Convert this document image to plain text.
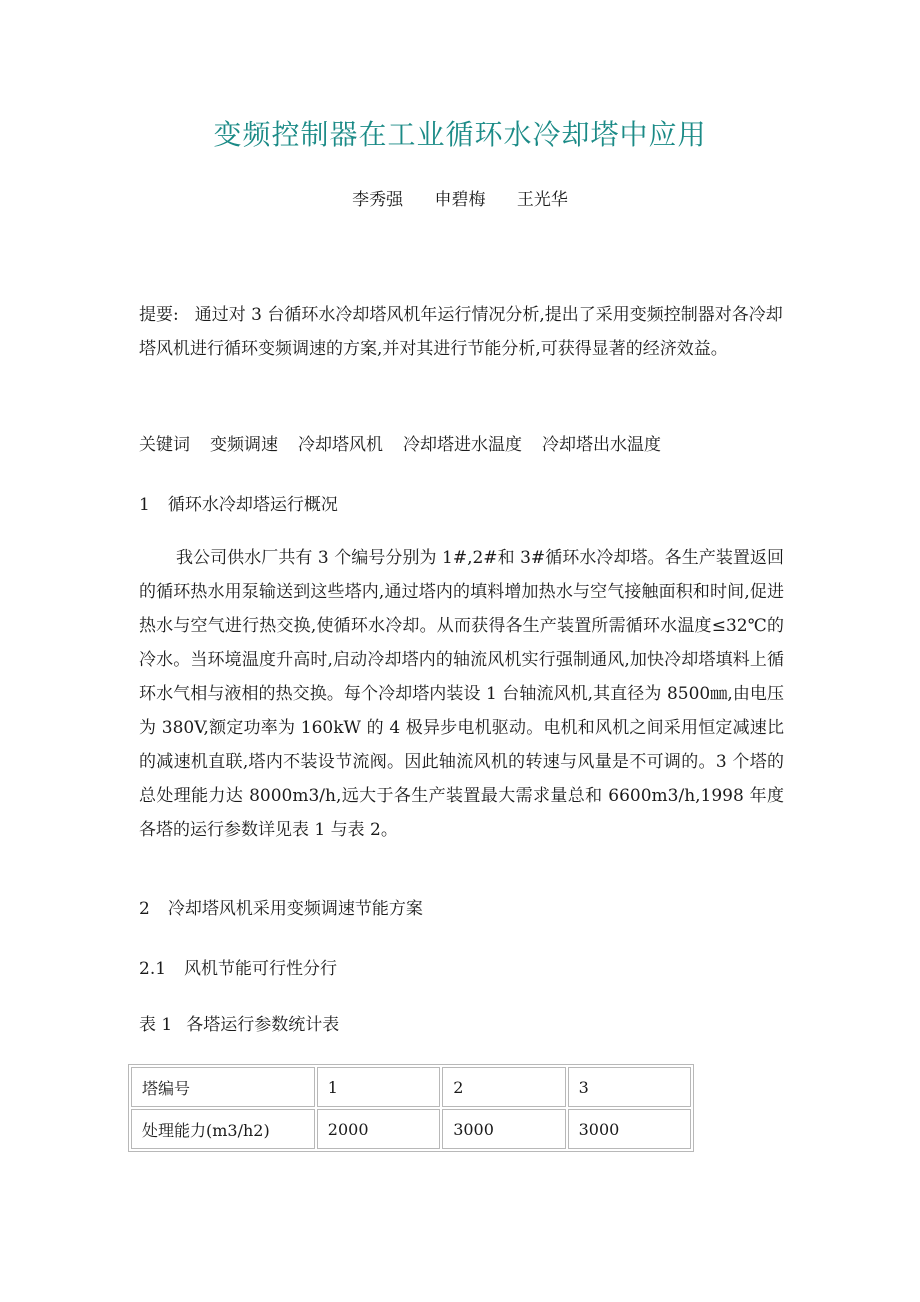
变频控制器在工业循环水冷却塔中应用
李秀强 申碧梅 王光华

提要: 通过对 3 台循环水冷却塔风机年运行情况分析,提出了采用变频控制器对各冷却塔风机进行循环变频调速的方案,并对其进行节能分析,可获得显著的经济效益。

关键词 变频调速 冷却塔风机 冷却塔进水温度 冷却塔出水温度

1 循环水冷却塔运行概况

我公司供水厂共有 3 个编号分别为 1#,2#和 3#循环水冷却塔。各生产装置返回的循环热水用泵输送到这些塔内,通过塔内的填料增加热水与空气接触面积和时间,促进热水与空气进行热交换,使循环水冷却。从而获得各生产装置所需循环水温度≤32℃的冷水。当环境温度升高时,启动冷却塔内的轴流风机实行强制通风,加快冷却塔填料上循环水气相与液相的热交换。每个冷却塔内装设 1 台轴流风机,其直径为 8500㎜,由电压为 380V,额定功率为 160kW 的 4 极异步电机驱动。电机和风机之间采用恒定减速比的减速机直联,塔内不装设节流阀。因此轴流风机的转速与风量是不可调的。3 个塔的总处理能力达 8000m3/h,远大于各生产装置最大需求量总和 6600m3/h,1998 年度各塔的运行参数详见表 1 与表 2。

2 冷却塔风机采用变频调速节能方案

2.1 风机节能可行性分行

表 1 各塔运行参数统计表

塔编号	1	2	3
处理能力(m3/h2)	2000	3000	3000
